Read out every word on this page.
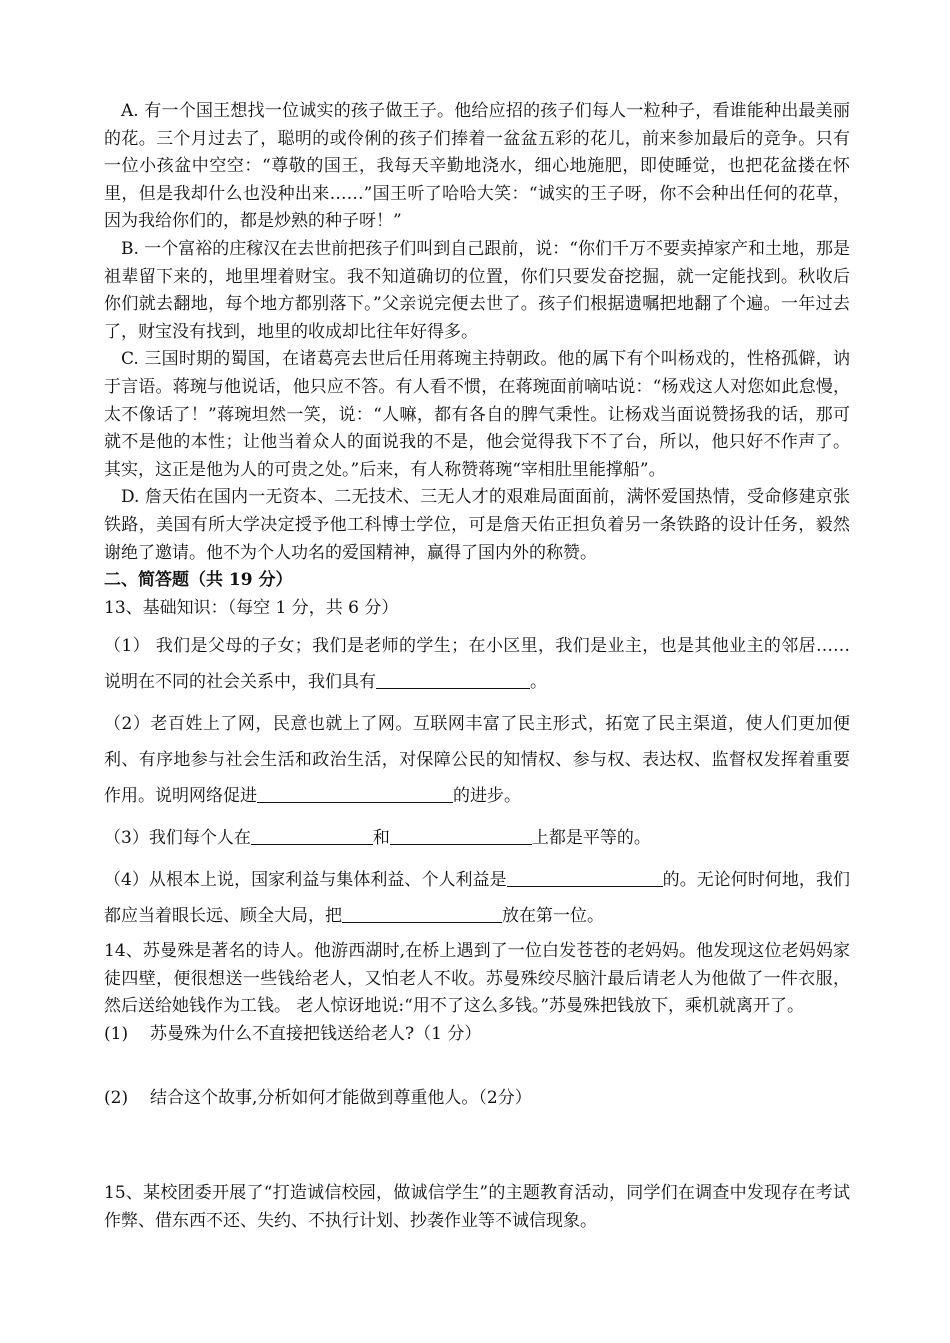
A. 有一个国王想找一位诚实的孩子做王子。他给应招的孩子们每人一粒种子，看谁能种出最美丽的花。三个月过去了，聪明的或伶俐的孩子们捧着一盆盆五彩的花儿，前来参加最后的竞争。只有一位小孩盆中空空：“尊敬的国王，我每天辛勤地浇水，细心地施肥，即使睡觉，也把花盆搂在怀里，但是我却什么也没种出来……”国王听了哈哈大笑：“诚实的王子呀，你不会种出任何的花草，因为我给你们的，都是炒熟的种子呀！”

B. 一个富裕的庄稼汉在去世前把孩子们叫到自己跟前，说：“你们千万不要卖掉家产和土地，那是祖辈留下来的，地里埋着财宝。我不知道确切的位置，你们只要发奋挖掘，就一定能找到。秋收后你们就去翻地，每个地方都别落下。”父亲说完便去世了。孩子们根据遗嘱把地翻了个遍。一年过去了，财宝没有找到，地里的收成却比往年好得多。

C. 三国时期的蜀国，在诸葛亮去世后任用蒋琬主持朝政。他的属下有个叫杨戏的，性格孤僻，讷于言语。蒋琬与他说话，他只应不答。有人看不惯，在蒋琬面前嘀咕说：“杨戏这人对您如此怠慢，太不像话了！”蒋琬坦然一笑，说：“人嘛，都有各自的脾气秉性。让杨戏当面说赞扬我的话，那可就不是他的本性；让他当着众人的面说我的不是，他会觉得我下不了台，所以，他只好不作声了。其实，这正是他为人的可贵之处。”后来，有人称赞蒋琬“宰相肚里能撑船”。

D. 詹天佑在国内一无资本、二无技术、三无人才的艰难局面面前，满怀爱国热情，受命修建京张铁路，美国有所大学决定授予他工科博士学位，可是詹天佑正担负着另一条铁路的设计任务，毅然谢绝了邀请。他不为个人功名的爱国精神，赢得了国内外的称赞。

二、简答题（共 19 分）

13、基础知识：（每空 1 分，共 6 分）

（1） 我们是父母的子女；我们是老师的学生；在小区里，我们是业主，也是其他业主的邻居…… 说明在不同的社会关系中，我们具有	。

（2）老百姓上了网，民意也就上了网。互联网丰富了民主形式，拓宽了民主渠道，使人们更加便利、有序地参与社会生活和政治生活，对保障公民的知情权、参与权、表达权、监督权发挥着重要作用。说明网络促进	的进步。

（3）我们每个人在	和	上都是平等的。

（4）从根本上说，国家利益与集体利益、个人利益是	的。无论何时何地，我们都应当着眼长远、顾全大局，把	放在第一位。

14、苏曼殊是著名的诗人。他游西湖时,在桥上遇到了一位白发苍苍的老妈妈。他发现这位老妈妈家徒四壁，便很想送一些钱给老人，又怕老人不收。苏曼殊绞尽脑汁最后请老人为他做了一件衣服， 然后送给她钱作为工钱。 老人惊讶地说:“用不了这么多钱。”苏曼殊把钱放下，乘机就离开了。

(1) 苏曼殊为什么不直接把钱送给老人?（1 分）

(2) 结合这个故事,分析如何才能做到尊重他人。（2分）

15、某校团委开展了“打造诚信校园，做诚信学生”的主题教育活动，同学们在调查中发现存在考试作弊、借东西不还、失约、不执行计划、抄袭作业等不诚信现象。
